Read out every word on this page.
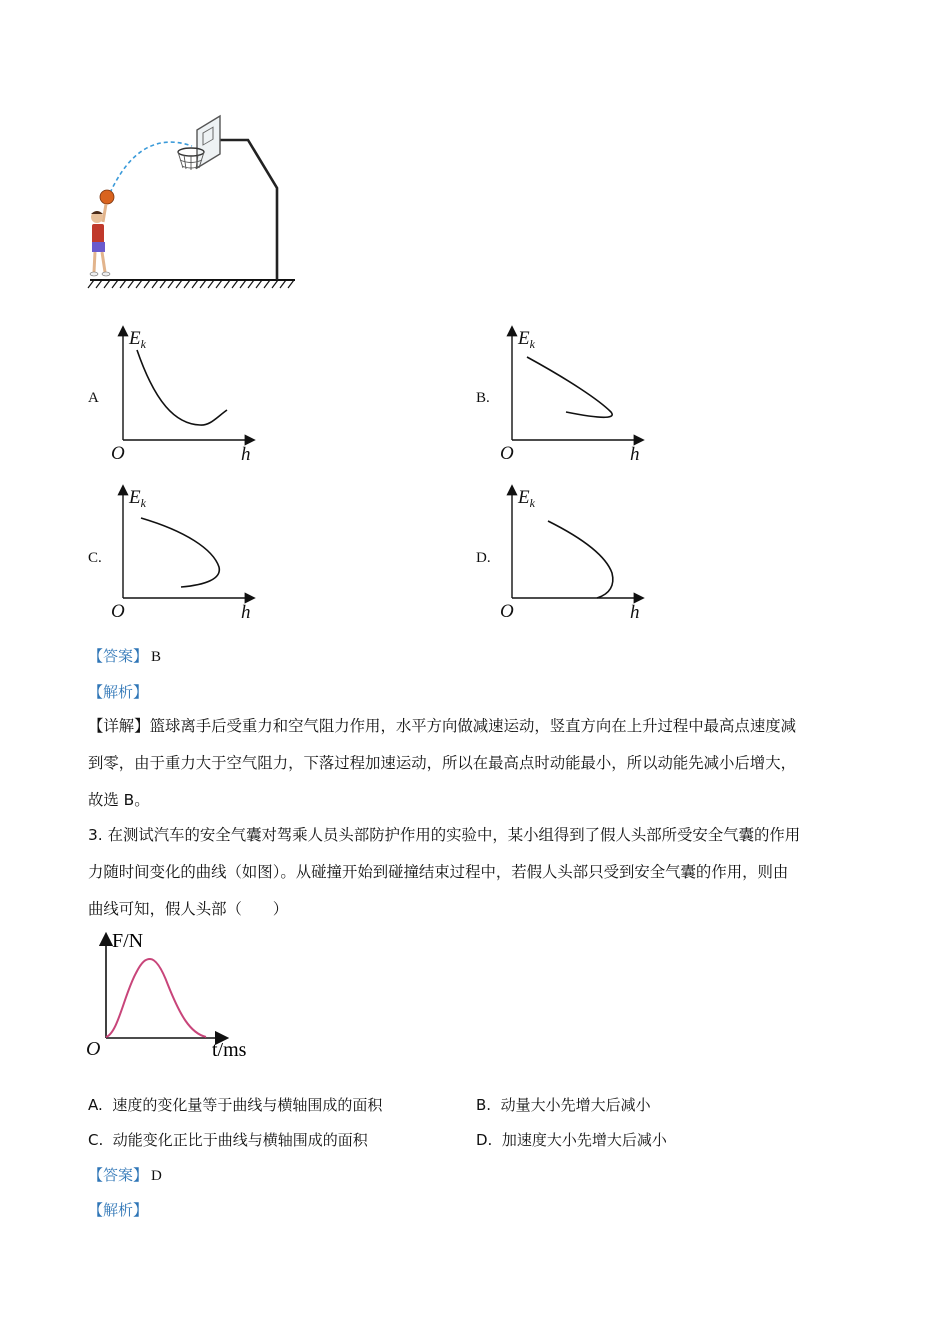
A
$E_k$
O	h
B.
$E_k$
O	h
C.
$E_k$
O	h
D.
$E_k$
O	h
【答案】 B
【解析】
【详解】篮球离手后受重力和空气阻力作用，水平方向做减速运动，竖直方向在上升过程中最高点速度减
到零，由于重力大于空气阻力，下落过程加速运动，所以在最高点时动能最小，所以动能先减小后增大，
故选 B。
3. 在测试汽车的安全气囊对驾乘人员头部防护作用的实验中，某小组得到了假人头部所受安全气囊的作用
力随时间变化的曲线（如图）。从碰撞开始到碰撞结束过程中，若假人头部只受到安全气囊的作用，则由
曲线可知，假人头部（　　）
F/N
O	t/ms
A. 速度的变化量等于曲线与横轴围成的面积	B. 动量大小先增大后减小
C. 动能变化正比于曲线与横轴围成的面积	D. 加速度大小先增大后减小
【答案】 D
【解析】
